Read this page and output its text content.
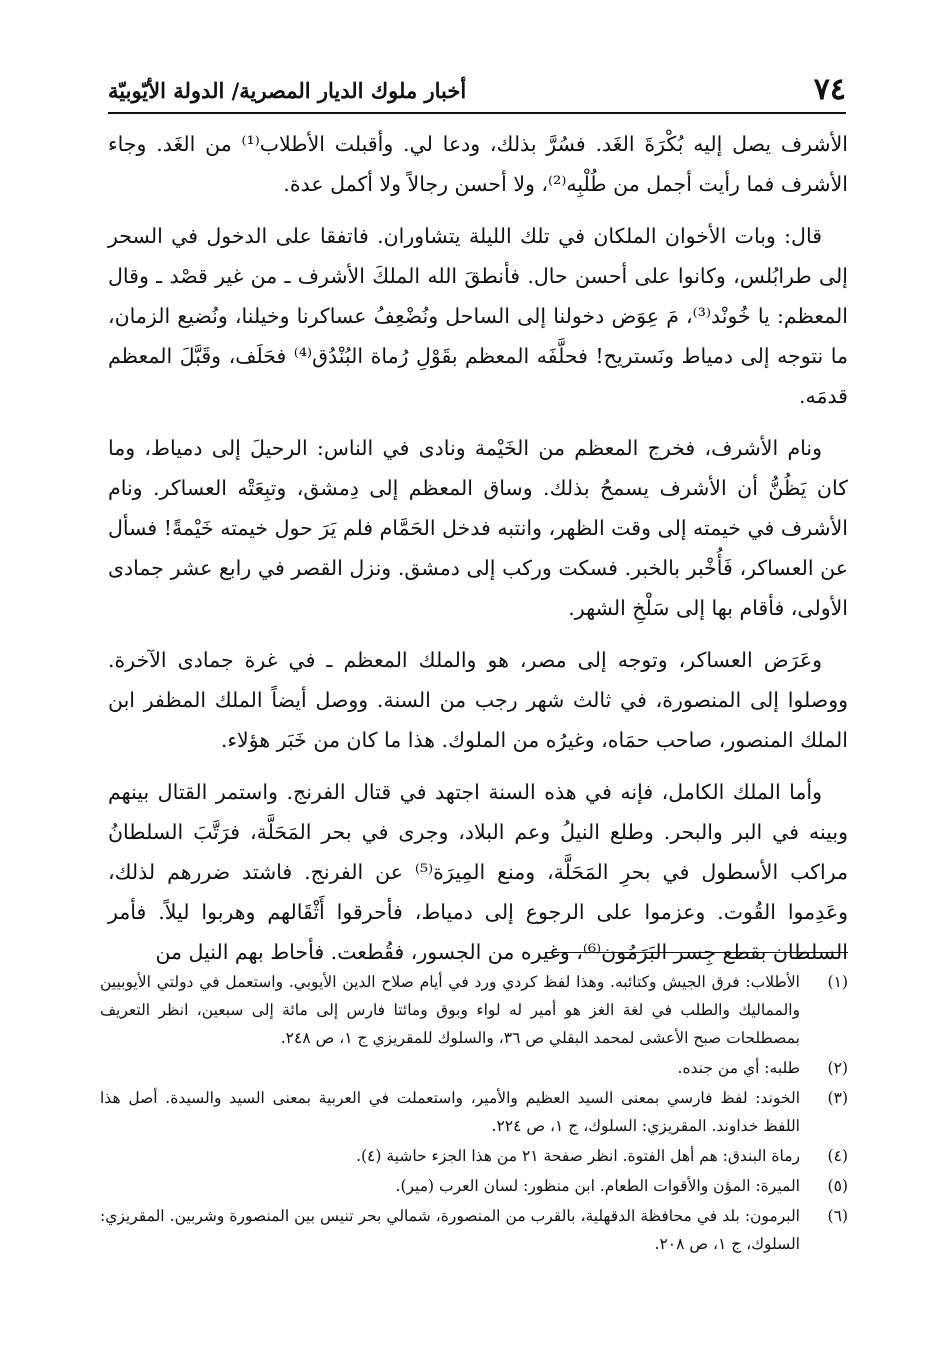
٧٤
أخبار ملوك الديار المصرية/ الدولة الأيّوبيّة

الأشرف يصل إليه بُكْرَةَ الغَد. فسُرَّ بذلك، ودعا لي. وأقبلت الأطلاب⁽¹⁾ من الغَد. وجاء الأشرف فما رأيت أجمل من طُلْبِه⁽²⁾، ولا أحسن رجالاً ولا أكمل عدة.

قال: وبات الأخوان الملكان في تلك الليلة يتشاوران. فاتفقا على الدخول في السحر إلى طرابُلس، وكانوا على أحسن حال. فأنطقَ الله الملكَ الأشرف ـ من غير قصْد ـ وقال المعظم: يا خُونْد⁽³⁾، مَ عِوَض دخولنا إلى الساحل ونُضْعِفُ عساكرنا وخيلنا، ونُضيع الزمان، ما نتوجه إلى دمياط ونَستريح! فحلَّفَه المعظم بقَوْلِ رُماة البُنْدُق⁽⁴⁾ فحَلَف، وقَبَّلَ المعظم قدمَه.

ونام الأشرف، فخرج المعظم من الخَيْمة ونادى في الناس: الرحيلَ إلى دمياط، وما كان يَظُنُّ أن الأشرف يسمحُ بذلك. وساق المعظم إلى دِمشق، وتبِعَتْه العساكر. ونام الأشرف في خيمته إلى وقت الظهر، وانتبه فدخل الحَمَّام فلم يَرَ حول خيمته خَيْمةً! فسأل عن العساكر، فَأُخْبر بالخبر. فسكت وركب إلى دمشق. ونزل القصر في رابع عشر جمادى الأولى، فأقام بها إلى سَلْخِ الشهر.

وعَرَض العساكر، وتوجه إلى مصر، هو والملك المعظم ـ في غرة جمادى الآخرة. ووصلوا إلى المنصورة، في ثالث شهر رجب من السنة. ووصل أيضاً الملك المظفر ابن الملك المنصور، صاحب حمَاه، وغيرُه من الملوك. هذا ما كان من خَبَر هؤلاء.

وأما الملك الكامل، فإنه في هذه السنة اجتهد في قتال الفرنج. واستمر القتال بينهم وبينه في البر والبحر. وطلع النيلُ وعم البلاد، وجرى في بحر المَحَلَّة، فرَتَّبَ السلطانُ مراكب الأسطول في بحرِ المَحَلَّة، ومنع المِيرَة⁽⁵⁾ عن الفرنج. فاشتد ضررهم لذلك، وعَدِموا القُوت. وعزموا على الرجوع إلى دمياط، فأحرقوا أَثْقَالهم وهربوا ليلاً. فأمر السلطان بقطع جِسر البَرَمُون⁽⁶⁾، وغيره من الجسور، فقُطعت. فأحاط بهم النيل من

(١)
الأطلاب: فرق الجيش وكتائبه. وهذا لفظ كردي ورد في أيام صلاح الدين الأيوبي. واستعمل في دولتي الأيوبيين والمماليك والطلب في لغة الغز هو أمير له لواء وبوق ومائتا فارس إلى مائة إلى سبعين، انظر التعريف بمصطلحات صبح الأعشى لمحمد البقلي ص ٣٦، والسلوك للمقريزي ج ١، ص ٢٤٨.
(٢)
طلبه: أي من جنده.
(٣)
الخوند: لفظ فارسي بمعنى السيد العظيم والأمير، واستعملت في العربية بمعنى السيد والسيدة. أصل هذا اللفظ خداوند. المقريزي: السلوك، ج ١، ص ٢٢٤.
(٤)
رماة البندق: هم أهل الفتوة. انظر صفحة ٢١ من هذا الجزء حاشية (٤).
(٥)
الميرة: المؤن والأقوات الطعام. ابن منظور: لسان العرب (مير).
(٦)
البرمون: بلد في محافظة الدقهلية، بالقرب من المنصورة، شمالي بحر تنيس بين المنصورة وشربين. المقريزي: السلوك، ج ١، ص ٢٠٨.
